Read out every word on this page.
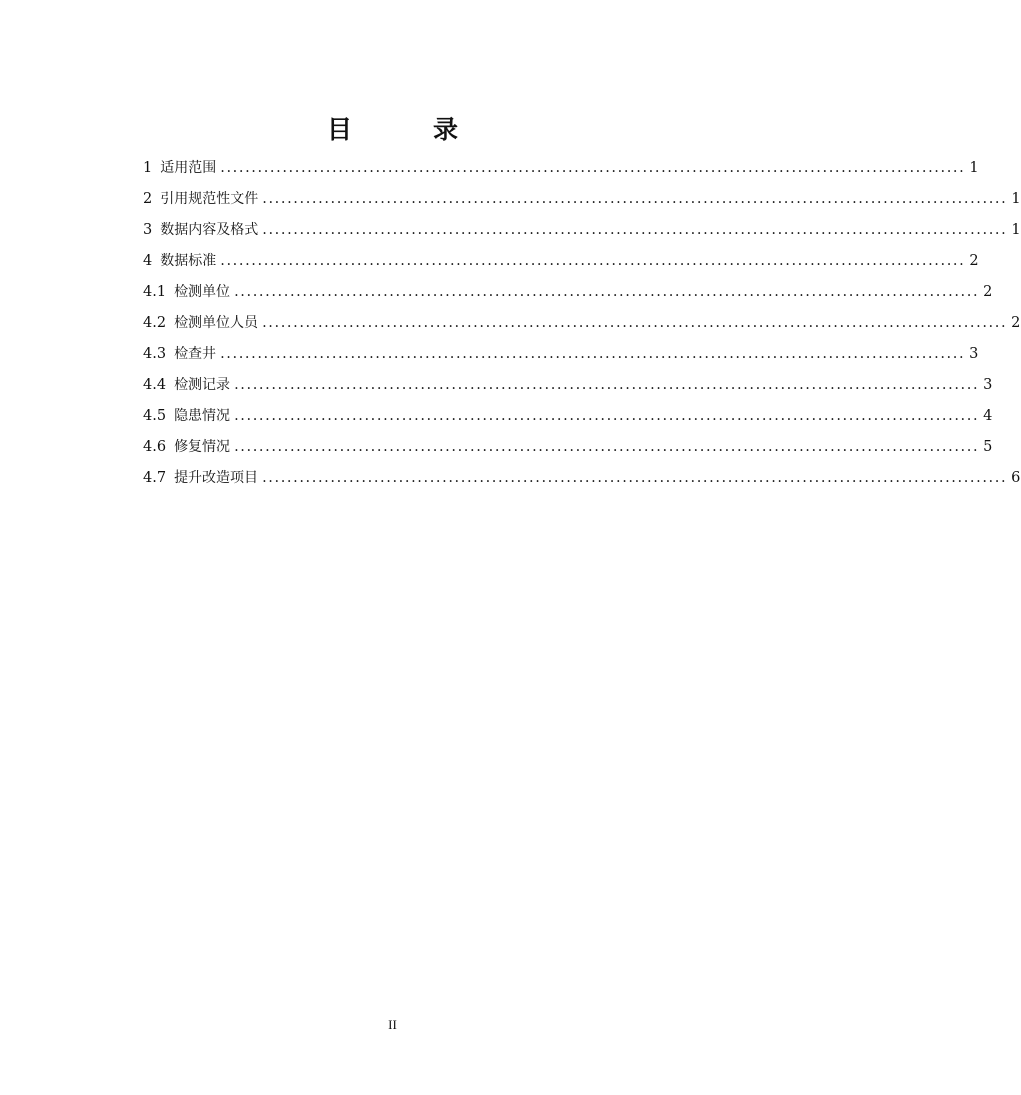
目　录
1 适用范围 ........................................................................................................................ 1
2 引用规范性文件 ........................................................................................................................ 1
3 数据内容及格式 ........................................................................................................................ 1
4 数据标准 ........................................................................................................................ 2
4.1 检测单位 ........................................................................................................................ 2
4.2 检测单位人员 ........................................................................................................................ 2
4.3 检查井 ........................................................................................................................ 3
4.4 检测记录 ........................................................................................................................ 3
4.5 隐患情况 ........................................................................................................................ 4
4.6 修复情况 ........................................................................................................................ 5
4.7 提升改造项目 ........................................................................................................................ 6
II
